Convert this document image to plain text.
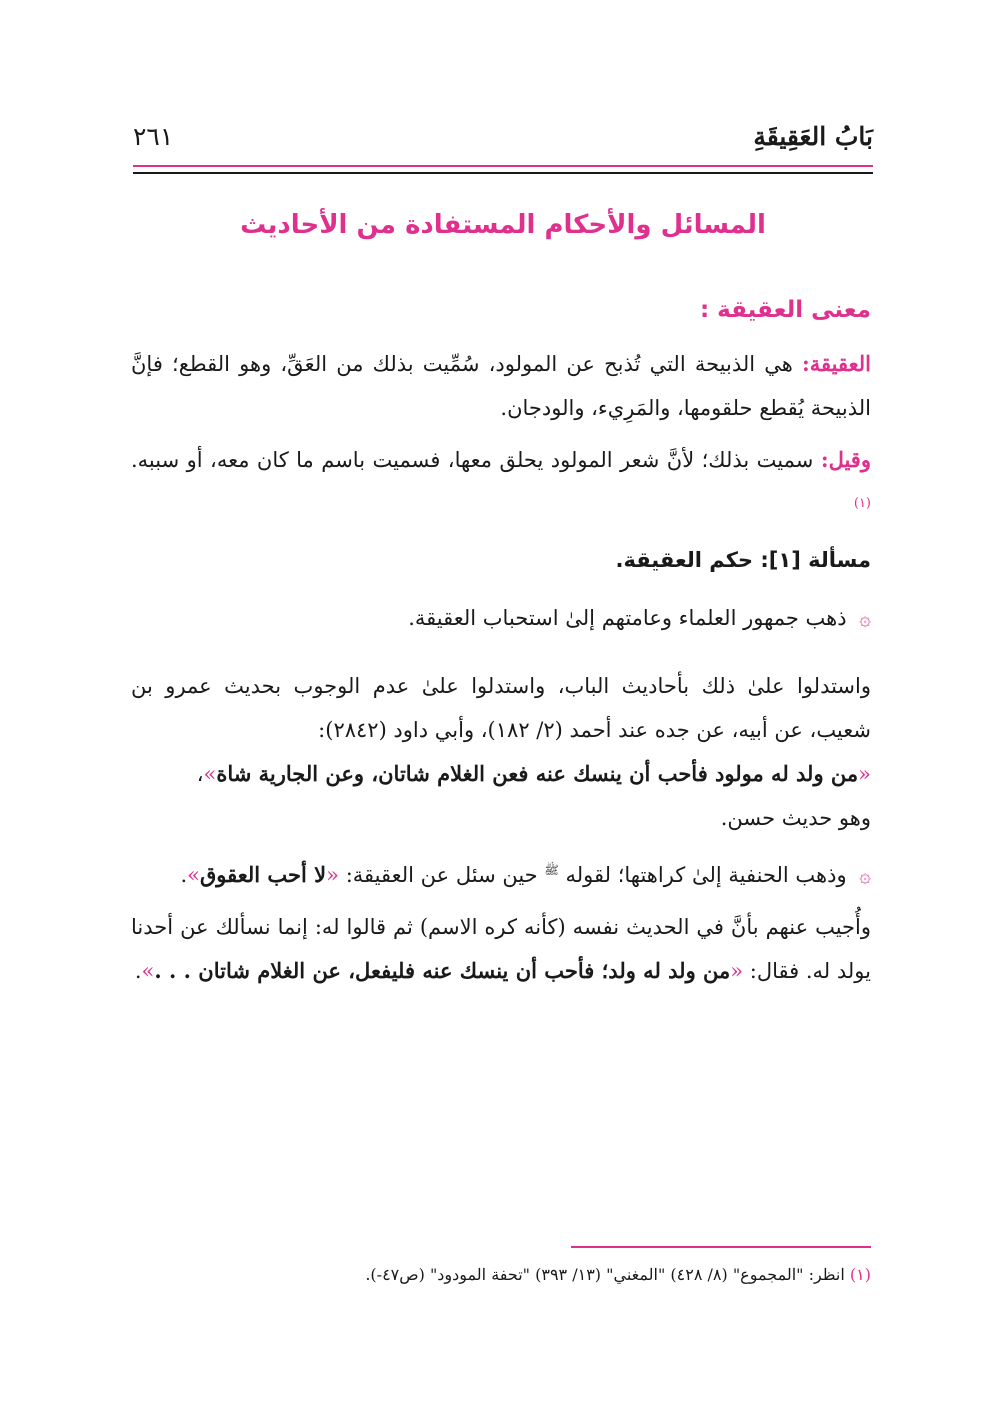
بَابُ العَقِيقَةِ
٢٦١
المسائل والأحكام المستفادة من الأحاديث

معنى العقيقة :

العقيقة: هي الذبيحة التي تُذبح عن المولود، سُمِّيت بذلك من العَقِّ، وهو القطع؛ فإنَّ الذبيحة يُقطع حلقومها، والمَرِيء، والودجان.

وقيل: سميت بذلك؛ لأنَّ شعر المولود يحلق معها، فسميت باسم ما كان معه، أو سببه.$^{(١)}$

مسألة [١]: حكم العقيقة.

۞ ذهب جمهور العلماء وعامتهم إلىٰ استحباب العقيقة.

واستدلوا علىٰ ذلك بأحاديث الباب، واستدلوا علىٰ عدم الوجوب بحديث عمرو بن شعيب، عن أبيه، عن جده عند أحمد (٢/ ١٨٢)، وأبي داود (٢٨٤٢):
«من ولد له مولود فأحب أن ينسك عنه فعن الغلام شاتان، وعن الجارية شاة»،
وهو حديث حسن.

۞ وذهب الحنفية إلىٰ كراهتها؛ لقوله $^ﷺ$ حين سئل عن العقيقة: «لا أحب العقوق».

وأُجيب عنهم بأنَّ في الحديث نفسه (كأنه كره الاسم) ثم قالوا له: إنما نسألك عن أحدنا يولد له. فقال: «من ولد له ولد؛ فأحب أن ينسك عنه فليفعل، عن الغلام شاتان . . .».

(١) انظر: "المجموع" (٨/ ٤٢٨) "المغني" (١٣/ ٣٩٣) "تحفة المودود" (ص٤٧-).
